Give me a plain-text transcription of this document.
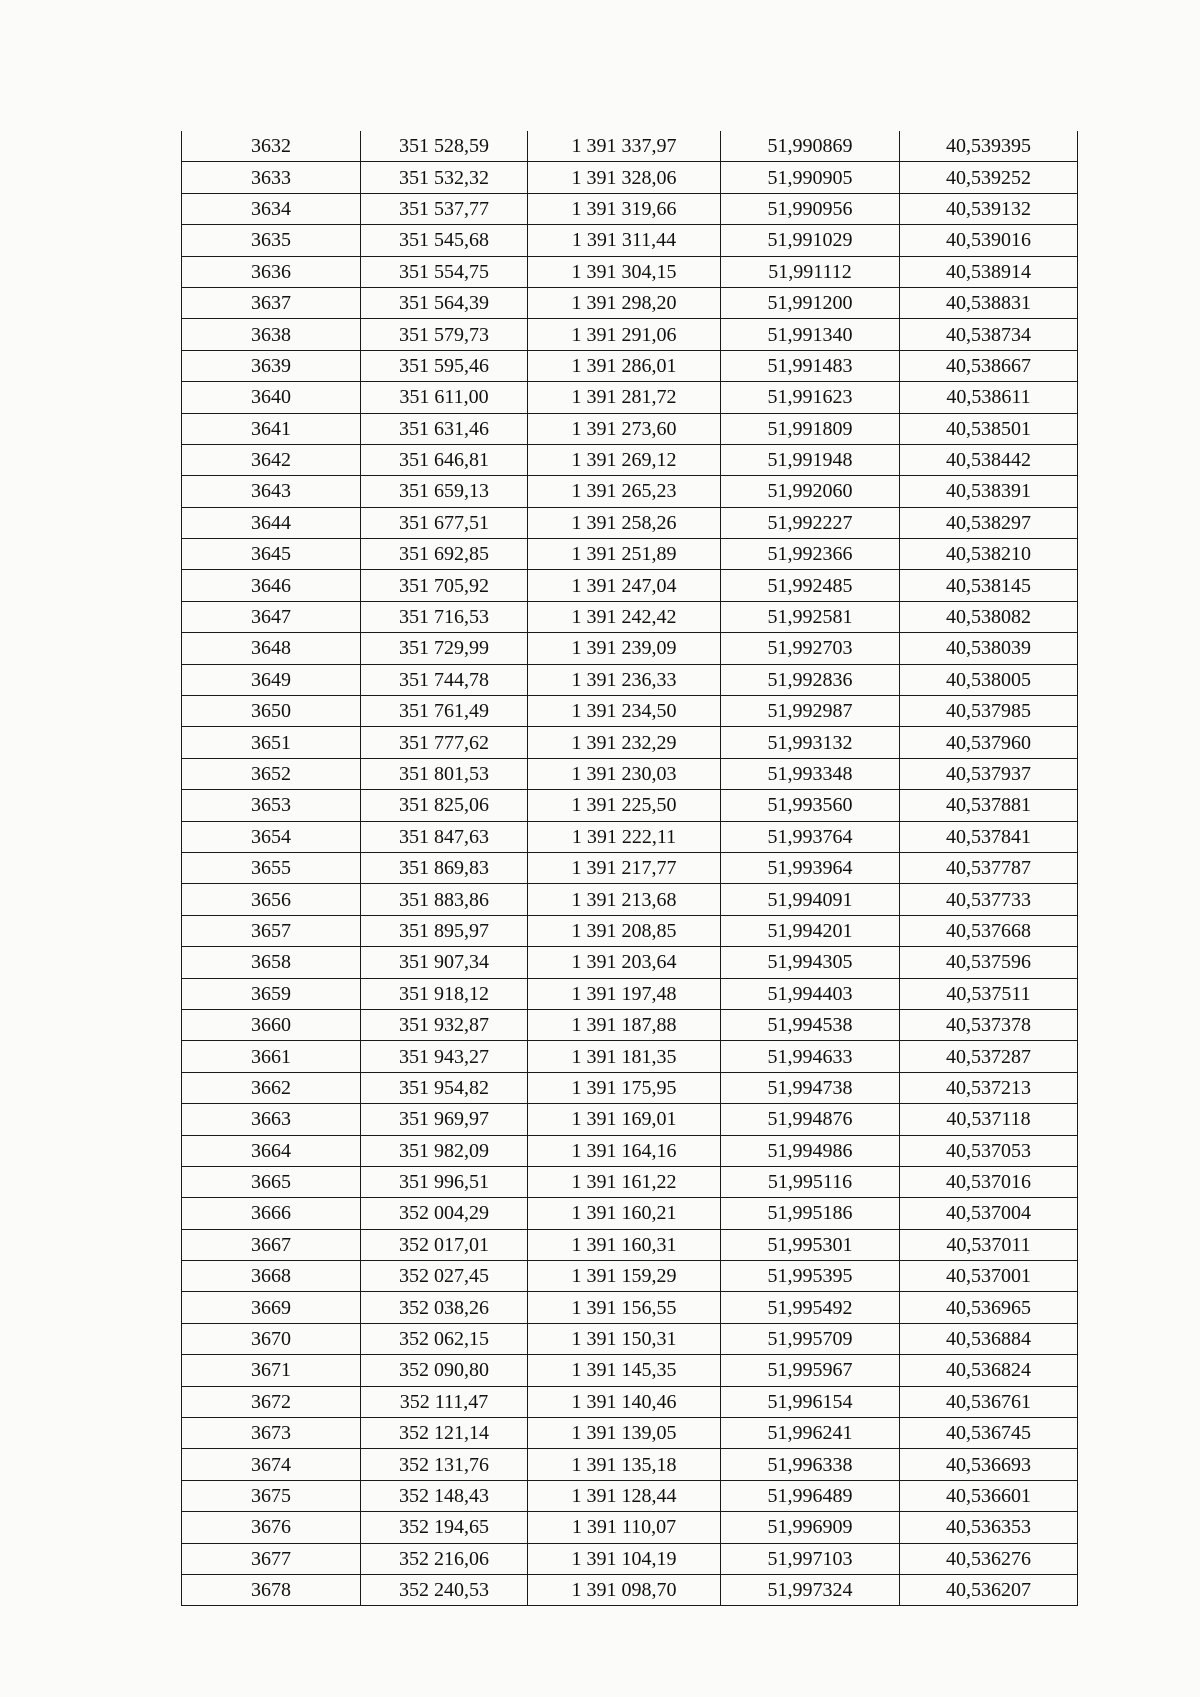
3632	351 528,59	1 391 337,97	51,990869	40,539395
3633	351 532,32	1 391 328,06	51,990905	40,539252
3634	351 537,77	1 391 319,66	51,990956	40,539132
3635	351 545,68	1 391 311,44	51,991029	40,539016
3636	351 554,75	1 391 304,15	51,991112	40,538914
3637	351 564,39	1 391 298,20	51,991200	40,538831
3638	351 579,73	1 391 291,06	51,991340	40,538734
3639	351 595,46	1 391 286,01	51,991483	40,538667
3640	351 611,00	1 391 281,72	51,991623	40,538611
3641	351 631,46	1 391 273,60	51,991809	40,538501
3642	351 646,81	1 391 269,12	51,991948	40,538442
3643	351 659,13	1 391 265,23	51,992060	40,538391
3644	351 677,51	1 391 258,26	51,992227	40,538297
3645	351 692,85	1 391 251,89	51,992366	40,538210
3646	351 705,92	1 391 247,04	51,992485	40,538145
3647	351 716,53	1 391 242,42	51,992581	40,538082
3648	351 729,99	1 391 239,09	51,992703	40,538039
3649	351 744,78	1 391 236,33	51,992836	40,538005
3650	351 761,49	1 391 234,50	51,992987	40,537985
3651	351 777,62	1 391 232,29	51,993132	40,537960
3652	351 801,53	1 391 230,03	51,993348	40,537937
3653	351 825,06	1 391 225,50	51,993560	40,537881
3654	351 847,63	1 391 222,11	51,993764	40,537841
3655	351 869,83	1 391 217,77	51,993964	40,537787
3656	351 883,86	1 391 213,68	51,994091	40,537733
3657	351 895,97	1 391 208,85	51,994201	40,537668
3658	351 907,34	1 391 203,64	51,994305	40,537596
3659	351 918,12	1 391 197,48	51,994403	40,537511
3660	351 932,87	1 391 187,88	51,994538	40,537378
3661	351 943,27	1 391 181,35	51,994633	40,537287
3662	351 954,82	1 391 175,95	51,994738	40,537213
3663	351 969,97	1 391 169,01	51,994876	40,537118
3664	351 982,09	1 391 164,16	51,994986	40,537053
3665	351 996,51	1 391 161,22	51,995116	40,537016
3666	352 004,29	1 391 160,21	51,995186	40,537004
3667	352 017,01	1 391 160,31	51,995301	40,537011
3668	352 027,45	1 391 159,29	51,995395	40,537001
3669	352 038,26	1 391 156,55	51,995492	40,536965
3670	352 062,15	1 391 150,31	51,995709	40,536884
3671	352 090,80	1 391 145,35	51,995967	40,536824
3672	352 111,47	1 391 140,46	51,996154	40,536761
3673	352 121,14	1 391 139,05	51,996241	40,536745
3674	352 131,76	1 391 135,18	51,996338	40,536693
3675	352 148,43	1 391 128,44	51,996489	40,536601
3676	352 194,65	1 391 110,07	51,996909	40,536353
3677	352 216,06	1 391 104,19	51,997103	40,536276
3678	352 240,53	1 391 098,70	51,997324	40,536207
